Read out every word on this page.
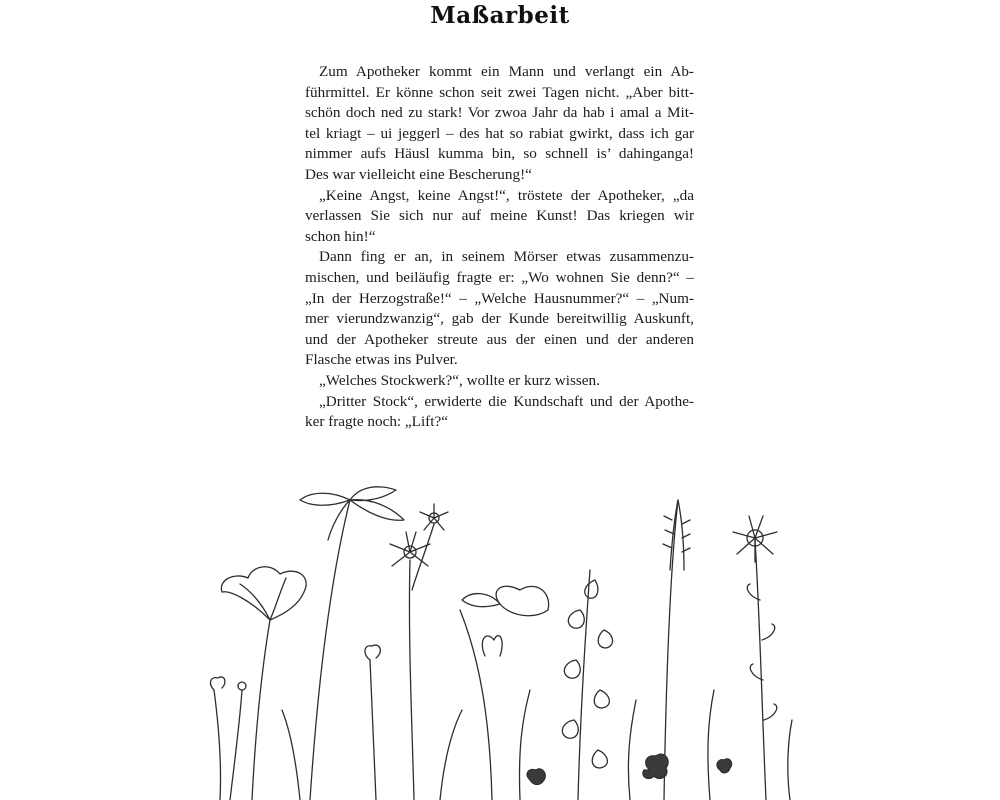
Maßarbeit
Zum Apotheker kommt ein Mann und verlangt ein Ab-
führmittel. Er könne schon seit zwei Tagen nicht. „Aber bitt-
schön doch ned zu stark! Vor zwoa Jahr da hab i amal a Mit-
tel kriagt – ui jeggerl – des hat so rabiat gwirkt, dass ich gar
nimmer aufs Häusl kumma bin, so schnell is’ dahinganga!
Des war vielleicht eine Bescherung!“
„Keine Angst, keine Angst!“, tröstete der Apotheker, „da
verlassen Sie sich nur auf meine Kunst! Das kriegen wir
schon hin!“
Dann fing er an, in seinem Mörser etwas zusammenzu-
mischen, und beiläufig fragte er: „Wo wohnen Sie denn?“ –
„In der Herzogstraße!“ – „Welche Hausnummer?“ – „Num-
mer vierundzwanzig“, gab der Kunde bereitwillig Auskunft,
und der Apotheker streute aus der einen und der anderen
Flasche etwas ins Pulver.
„Welches Stockwerk?“, wollte er kurz wissen.
„Dritter Stock“, erwiderte die Kundschaft und der Apothe-
ker fragte noch: „Lift?“
